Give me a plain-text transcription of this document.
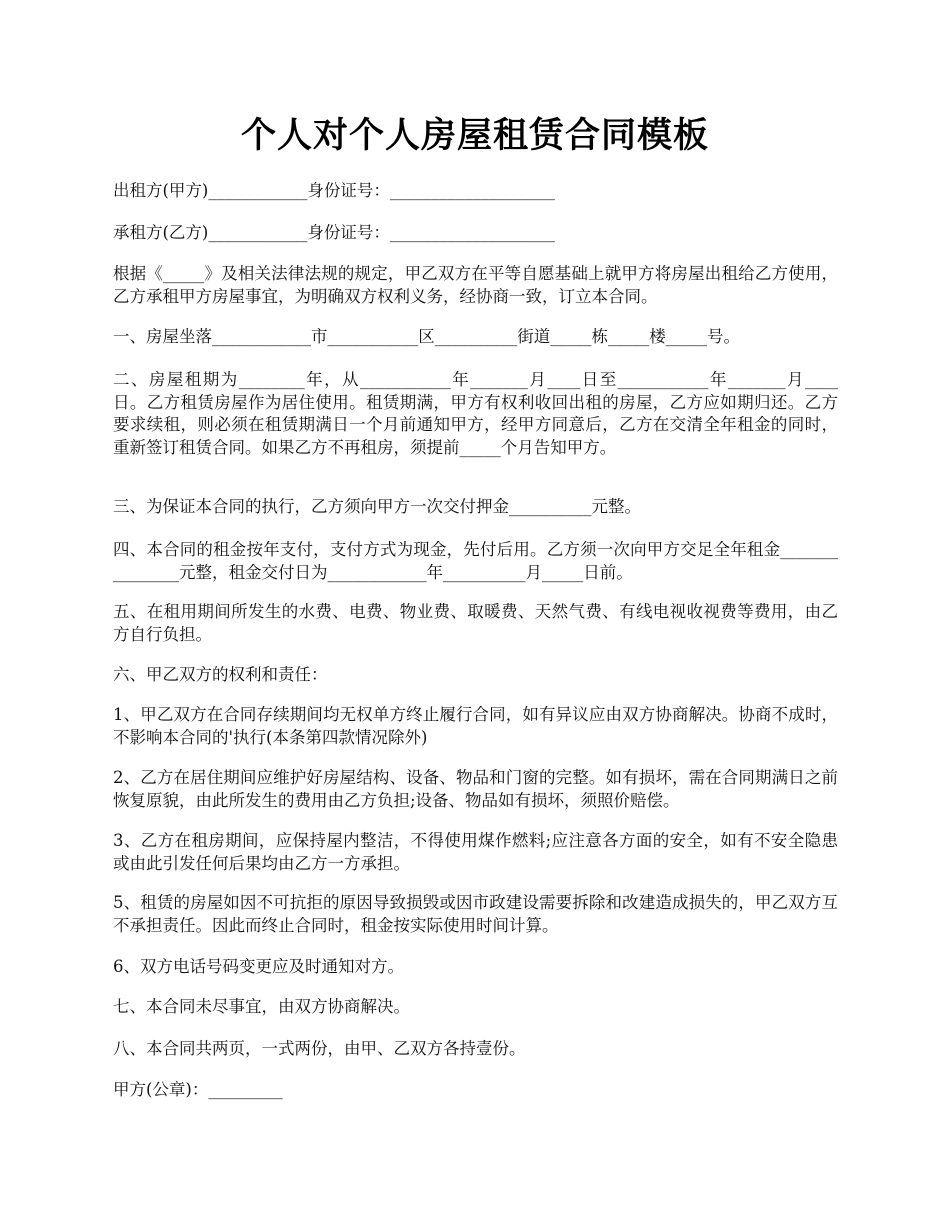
个人对个人房屋租赁合同模板

出租方(甲方)____________身份证号：____________________

承租方(乙方)____________身份证号：____________________

根据《_____》及相关法律法规的规定，甲乙双方在平等自愿基础上就甲方将房屋出租给乙方使用，乙方承租甲方房屋事宜，为明确双方权利义务，经协商一致，订立本合同。

一、房屋坐落____________市___________区__________街道_____栋_____楼_____号。

二、房屋租期为________年，从___________年_______月____日至___________年_______月____日。乙方租赁房屋作为居住使用。租赁期满，甲方有权利收回出租的房屋，乙方应如期归还。乙方要求续租，则必须在租赁期满日一个月前通知甲方，经甲方同意后，乙方在交清全年租金的同时，重新签订租赁合同。如果乙方不再租房，须提前_____个月告知甲方。

三、为保证本合同的执行，乙方须向甲方一次交付押金__________元整。

四、本合同的租金按年支付，支付方式为现金，先付后用。乙方须一次向甲方交足全年租金_______________元整，租金交付日为____________年__________月_____日前。

五、在租用期间所发生的水费、电费、物业费、取暖费、天然气费、有线电视收视费等费用，由乙方自行负担。

六、甲乙双方的权利和责任：

1、甲乙双方在合同存续期间均无权单方终止履行合同，如有异议应由双方协商解决。协商不成时，不影响本合同的'执行(本条第四款情况除外)

2、乙方在居住期间应维护好房屋结构、设备、物品和门窗的完整。如有损坏，需在合同期满日之前恢复原貌，由此所发生的费用由乙方负担;设备、物品如有损坏，须照价赔偿。

3、乙方在租房期间，应保持屋内整洁，不得使用煤作燃料;应注意各方面的安全，如有不安全隐患或由此引发任何后果均由乙方一方承担。

5、租赁的房屋如因不可抗拒的原因导致损毁或因市政建设需要拆除和改建造成损失的，甲乙双方互不承担责任。因此而终止合同时，租金按实际使用时间计算。

6、双方电话号码变更应及时通知对方。

七、本合同未尽事宜，由双方协商解决。

八、本合同共两页，一式两份，由甲、乙双方各持壹份。

甲方(公章)：_________
